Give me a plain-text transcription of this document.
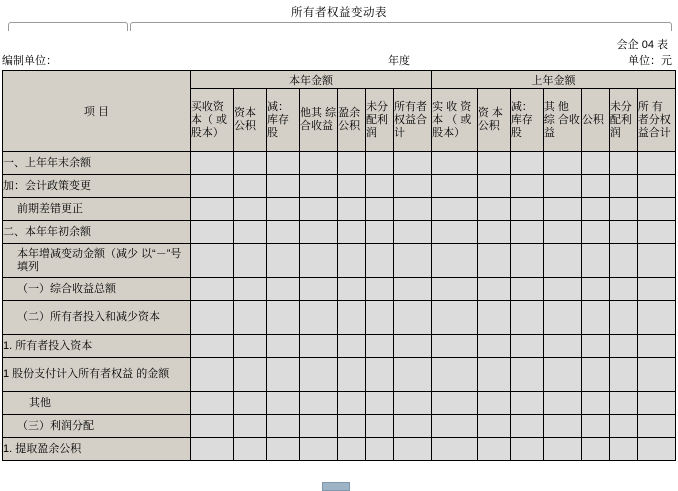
所有者权益变动表
会企 04 表
编制单位：	年度	单位：元
项 目	本年金额							上年金额						
	买收资本（ 或 股本）	资本公积	减： 库存股	他其 综 合收益	盈余公积	未分配利润	所有者权益合计	实 收 资本 （ 或股本）	资 本公积	减： 库存股	其 他 综 合收益	公积	未分配利润	所 有 者分权益合计

一、上年年末余额														

加：会计政策变更														

前期差错更正														

二、本年年初余额														

本年增减变动金额（减少 以“－”号填列														

（一）综合收益总额														

（二）所有者投入和减少资本														

1. 所有者投入资本														

1 股份支付计入所有者权益 的金额														

其他														

（三）利润分配														

1. 提取盈余公积														
